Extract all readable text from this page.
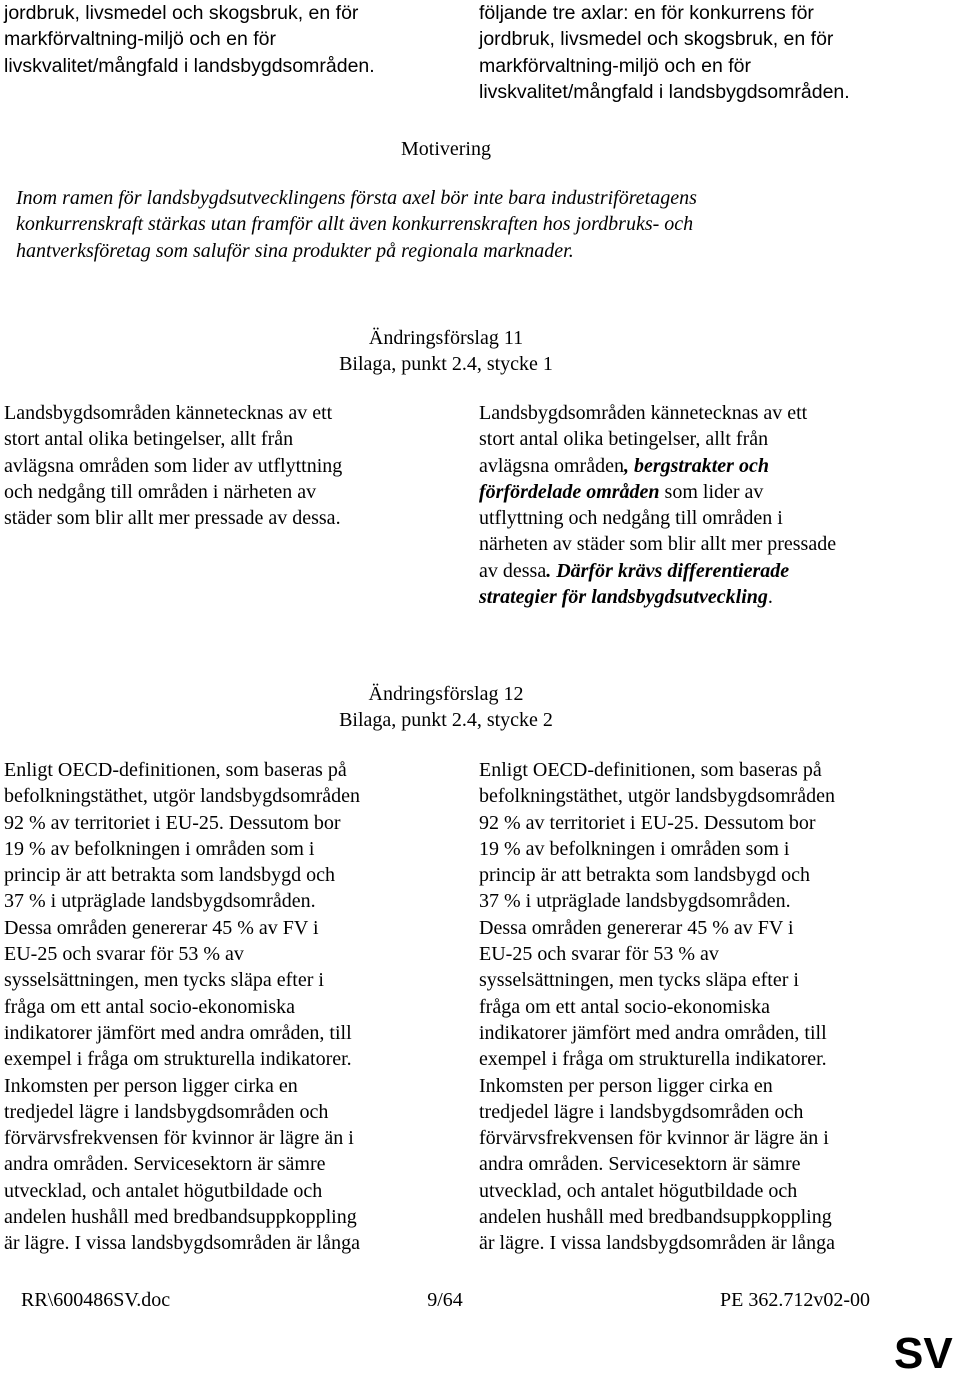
jordbruk, livsmedel och skogsbruk, en för
markförvaltning-miljö och en för
livskvalitet/mångfald i landsbygdsområden.
följande tre axlar: en för konkurrens för
jordbruk, livsmedel och skogsbruk, en för
markförvaltning-miljö och en för
livskvalitet/mångfald i landsbygdsområden.
Motivering
Inom ramen för landsbygdsutvecklingens första axel bör inte bara industriföretagens
konkurrenskraft stärkas utan framför allt även konkurrenskraften hos jordbruks- och
hantverksföretag som saluför sina produkter på regionala marknader.
Ändringsförslag 11
Bilaga, punkt 2.4, stycke 1
Landsbygdsområden kännetecknas av ett
stort antal olika betingelser, allt från
avlägsna områden som lider av utflyttning
och nedgång till områden i närheten av
städer som blir allt mer pressade av dessa.
Landsbygdsområden kännetecknas av ett
stort antal olika betingelser, allt från
avlägsna områden, bergstrakter och
förfördelade områden som lider av
utflyttning och nedgång till områden i
närheten av städer som blir allt mer pressade
av dessa. Därför krävs differentierade
strategier för landsbygdsutveckling.
Ändringsförslag 12
Bilaga, punkt 2.4, stycke 2
Enligt OECD-definitionen, som baseras på
befolkningstäthet, utgör landsbygdsområden
92 % av territoriet i EU-25. Dessutom bor
19 % av befolkningen i områden som i
princip är att betrakta som landsbygd och
37 % i utpräglade landsbygdsområden.
Dessa områden genererar 45 % av FV i
EU-25 och svarar för 53 % av
sysselsättningen, men tycks släpa efter i
fråga om ett antal socio-ekonomiska
indikatorer jämfört med andra områden, till
exempel i fråga om strukturella indikatorer.
Inkomsten per person ligger cirka en
tredjedel lägre i landsbygdsområden och
förvärvsfrekvensen för kvinnor är lägre än i
andra områden. Servicesektorn är sämre
utvecklad, och antalet högutbildade och
andelen hushåll med bredbandsuppkoppling
är lägre. I vissa landsbygdsområden är långa
Enligt OECD-definitionen, som baseras på
befolkningstäthet, utgör landsbygdsområden
92 % av territoriet i EU-25. Dessutom bor
19 % av befolkningen i områden som i
princip är att betrakta som landsbygd och
37 % i utpräglade landsbygdsområden.
Dessa områden genererar 45 % av FV i
EU-25 och svarar för 53 % av
sysselsättningen, men tycks släpa efter i
fråga om ett antal socio-ekonomiska
indikatorer jämfört med andra områden, till
exempel i fråga om strukturella indikatorer.
Inkomsten per person ligger cirka en
tredjedel lägre i landsbygdsområden och
förvärvsfrekvensen för kvinnor är lägre än i
andra områden. Servicesektorn är sämre
utvecklad, och antalet högutbildade och
andelen hushåll med bredbandsuppkoppling
är lägre. I vissa landsbygdsområden är långa
RR\600486SV.doc	9/64	PE 362.712v02-00
SV
